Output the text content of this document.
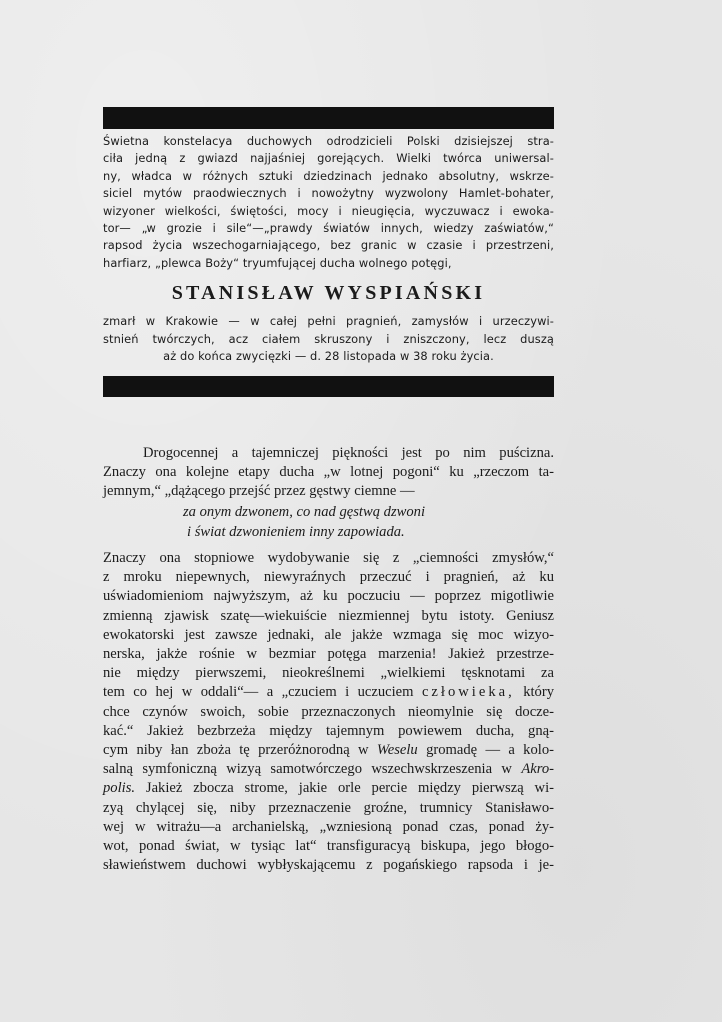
Świetna konstelacya duchowych odrodzicieli Polski dzisiejszej stra-
ciła jedną z gwiazd najjaśniej gorejących. Wielki twórca uniwersal-
ny, władca w różnych sztuki dziedzinach jednako absolutny, wskrze-
siciel mytów praodwiecznych i nowożytny wyzwolony Hamlet-bohater,
wizyoner wielkości, świętości, mocy i nieugięcia, wyczuwacz i ewoka-
tor— „w grozie i sile“—„prawdy światów innych, wiedzy zaświatów,“
rapsod życia wszechogarniającego, bez granic w czasie i przestrzeni,
harfiarz, „plewca Boży“ tryumfującej ducha wolnego potęgi,
STANISŁAW WYSPIAŃSKI
zmarł w Krakowie — w całej pełni pragnień, zamysłów i urzeczywi-
stnień twórczych, acz ciałem skruszony i zniszczony, lecz duszą
aż do końca zwycięzki — d. 28 listopada w 38 roku życia.
Drogocennej a tajemniczej piękności jest po nim puścizna.
Znaczy ona kolejne etapy ducha „w lotnej pogoni“ ku „rzeczom ta-
jemnym,“ „dążącego przejść przez gęstwy ciemne —
za onym dzwonem, co nad gęstwą dzwoni
i świat dzwonieniem inny zapowiada.
Znaczy ona stopniowe wydobywanie się z „ciemności zmysłów,“
z mroku niepewnych, niewyraźnych przeczuć i pragnień, aż ku
uświadomieniom najwyższym, aż ku poczuciu — poprzez migotliwie
zmienną zjawisk szatę—wiekuiście niezmiennej bytu istoty. Geniusz
ewokatorski jest zawsze jednaki, ale jakże wzmaga się moc wizyo-
nerska, jakże rośnie w bezmiar potęga marzenia! Jakież przestrze-
nie między pierwszemi, nieokreślnemi „wielkiemi tęsknotami za
tem co hej w oddali“— a „czuciem i uczuciem człowieka, który
chce czynów swoich, sobie przeznaczonych nieomylnie się docze-
kać.“ Jakież bezbrzeża między tajemnym powiewem ducha, gną-
cym niby łan zboża tę przeróżnorodną w Weselu gromadę — a kolo-
salną symfoniczną wizyą samotwórczego wszechwskrzeszenia w Akro-
polis. Jakież zbocza strome, jakie orle percie między pierwszą wi-
zyą chylącej się, niby przeznaczenie groźne, trumnicy Stanisławo-
wej w witrażu—a archanielską, „wzniesioną ponad czas, ponad ży-
wot, ponad świat, w tysiąc lat“ transfiguracyą biskupa, jego błogo-
sławieństwem duchowi wybłyskającemu z pogańskiego rapsoda i je-
